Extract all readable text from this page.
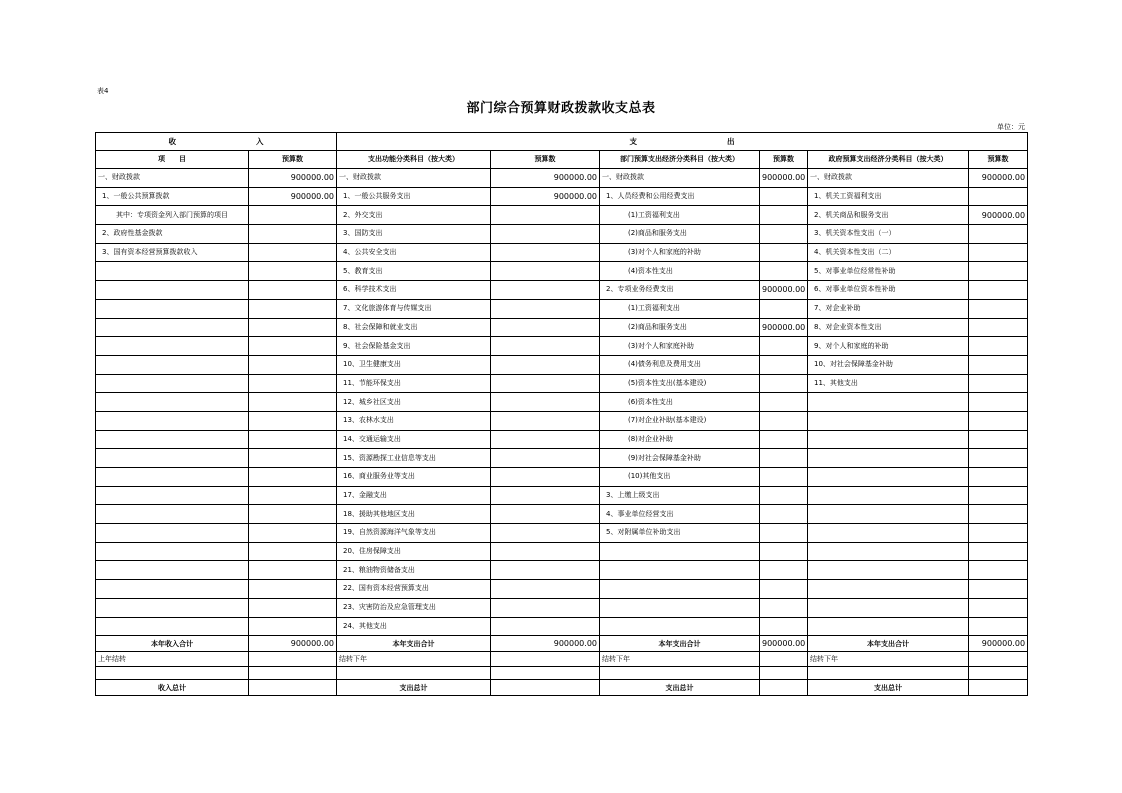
表4
部门综合预算财政拨款收支总表
单位：元
收 入		支 出					
项　　目	预算数	支出功能分类科目（按大类）	预算数	部门预算支出经济分类科目（按大类）	预算数	政府预算支出经济分类科目（按大类）	预算数
一、财政拨款	900000.00	一、财政拨款	900000.00	一、财政拨款	900000.00	一、财政拨款	900000.00
1、一般公共预算拨款	900000.00	1、一般公共服务支出	900000.00	1、人员经费和公用经费支出		1、机关工资福利支出	
其中：专项资金列入部门预算的项目		2、外交支出		(1)工资福利支出		2、机关商品和服务支出	900000.00
2、政府性基金拨款		3、国防支出		(2)商品和服务支出		3、机关资本性支出（一）	
3、国有资本经营预算拨款收入		4、公共安全支出		(3)对个人和家庭的补助		4、机关资本性支出（二）	
		5、教育支出		(4)资本性支出		5、对事业单位经常性补助	
		6、科学技术支出		2、专项业务经费支出	900000.00	6、对事业单位资本性补助	
		7、文化旅游体育与传媒支出		(1)工资福利支出		7、对企业补助	
		8、社会保障和就业支出		(2)商品和服务支出	900000.00	8、对企业资本性支出	
		9、社会保险基金支出		(3)对个人和家庭补助		9、对个人和家庭的补助	
		10、卫生健康支出		(4)债务利息及费用支出		10、对社会保障基金补助	
		11、节能环保支出		(5)资本性支出(基本建设)		11、其他支出	
		12、城乡社区支出		(6)资本性支出			
		13、农林水支出		(7)对企业补助(基本建设)			
		14、交通运输支出		(8)对企业补助			
		15、资源勘探工业信息等支出		(9)对社会保障基金补助			
		16、商业服务业等支出		(10)其他支出			
		17、金融支出		3、上缴上级支出			
		18、援助其他地区支出		4、事业单位经营支出			
		19、自然资源海洋气象等支出		5、对附属单位补助支出			
		20、住房保障支出					
		21、粮油物资储备支出					
		22、国有资本经营预算支出					
		23、灾害防治及应急管理支出					
		24、其他支出					
本年收入合计	900000.00	本年支出合计	900000.00	本年支出合计	900000.00	本年支出合计	900000.00
上年结转		结转下年		结转下年		结转下年	

收入总计		支出总计		支出总计		支出总计	
